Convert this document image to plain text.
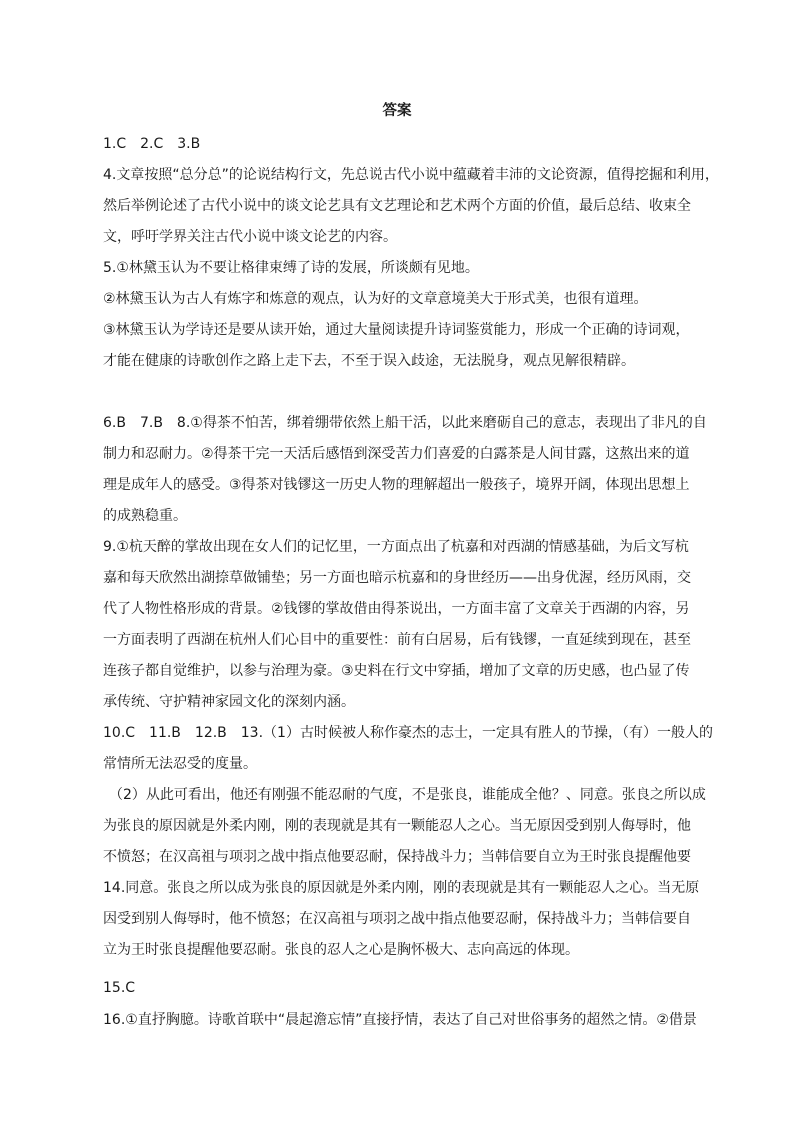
答案
1.C　2.C　3.B
4.文章按照“总分总”的论说结构行文，先总说古代小说中蕴藏着丰沛的文论资源，值得挖掘和利用，
然后举例论述了古代小说中的谈文论艺具有文艺理论和艺术两个方面的价值，最后总结、收束全
文，呼吁学界关注古代小说中谈文论艺的内容。
5.①林黛玉认为不要让格律束缚了诗的发展，所谈颇有见地。
②林黛玉认为古人有炼字和炼意的观点，认为好的文章意境美大于形式美，也很有道理。
③林黛玉认为学诗还是要从读开始，通过大量阅读提升诗词鉴赏能力，形成一个正确的诗词观，
才能在健康的诗歌创作之路上走下去，不至于误入歧途，无法脱身，观点见解很精辟。
6.B　7.B　8.①得茶不怕苦，绑着绷带依然上船干活，以此来磨砺自己的意志，表现出了非凡的自
制力和忍耐力。②得茶干完一天活后感悟到深受苦力们喜爱的白露茶是人间甘露，这熬出来的道
理是成年人的感受。③得茶对钱镠这一历史人物的理解超出一般孩子，境界开阔，体现出思想上
的成熟稳重。
9.①杭天醉的掌故出现在女人们的记忆里，一方面点出了杭嘉和对西湖的情感基础，为后文写杭
嘉和每天欣然出湖捺草做铺垫；另一方面也暗示杭嘉和的身世经历——出身优渥，经历风雨，交
代了人物性格形成的背景。②钱镠的掌故借由得茶说出，一方面丰富了文章关于西湖的内容，另
一方面表明了西湖在杭州人们心目中的重要性：前有白居易，后有钱镠，一直延续到现在，甚至
连孩子都自觉维护，以参与治理为豪。③史料在行文中穿插，增加了文章的历史感，也凸显了传
承传统、守护精神家园文化的深刻内涵。
10.C　11.B　12.B　13.（1）古时候被人称作豪杰的志士，一定具有胜人的节操，（有）一般人的
常情所无法忍受的度量。
（2）从此可看出，他还有刚强不能忍耐的气度，不是张良，谁能成全他？、同意。张良之所以成
为张良的原因就是外柔内刚，刚的表现就是其有一颗能忍人之心。当无原因受到别人侮辱时，他
不愤怒；在汉高祖与项羽之战中指点他要忍耐，保持战斗力；当韩信要自立为王时张良提醒他要
14.同意。张良之所以成为张良的原因就是外柔内刚，刚的表现就是其有一颗能忍人之心。当无原
因受到别人侮辱时，他不愤怒；在汉高祖与项羽之战中指点他要忍耐，保持战斗力；当韩信要自
立为王时张良提醒他要忍耐。张良的忍人之心是胸怀极大、志向高远的体现。
15.C
16.①直抒胸臆。诗歌首联中“晨起澹忘情”直接抒情，表达了自己对世俗事务的超然之情。②借景
